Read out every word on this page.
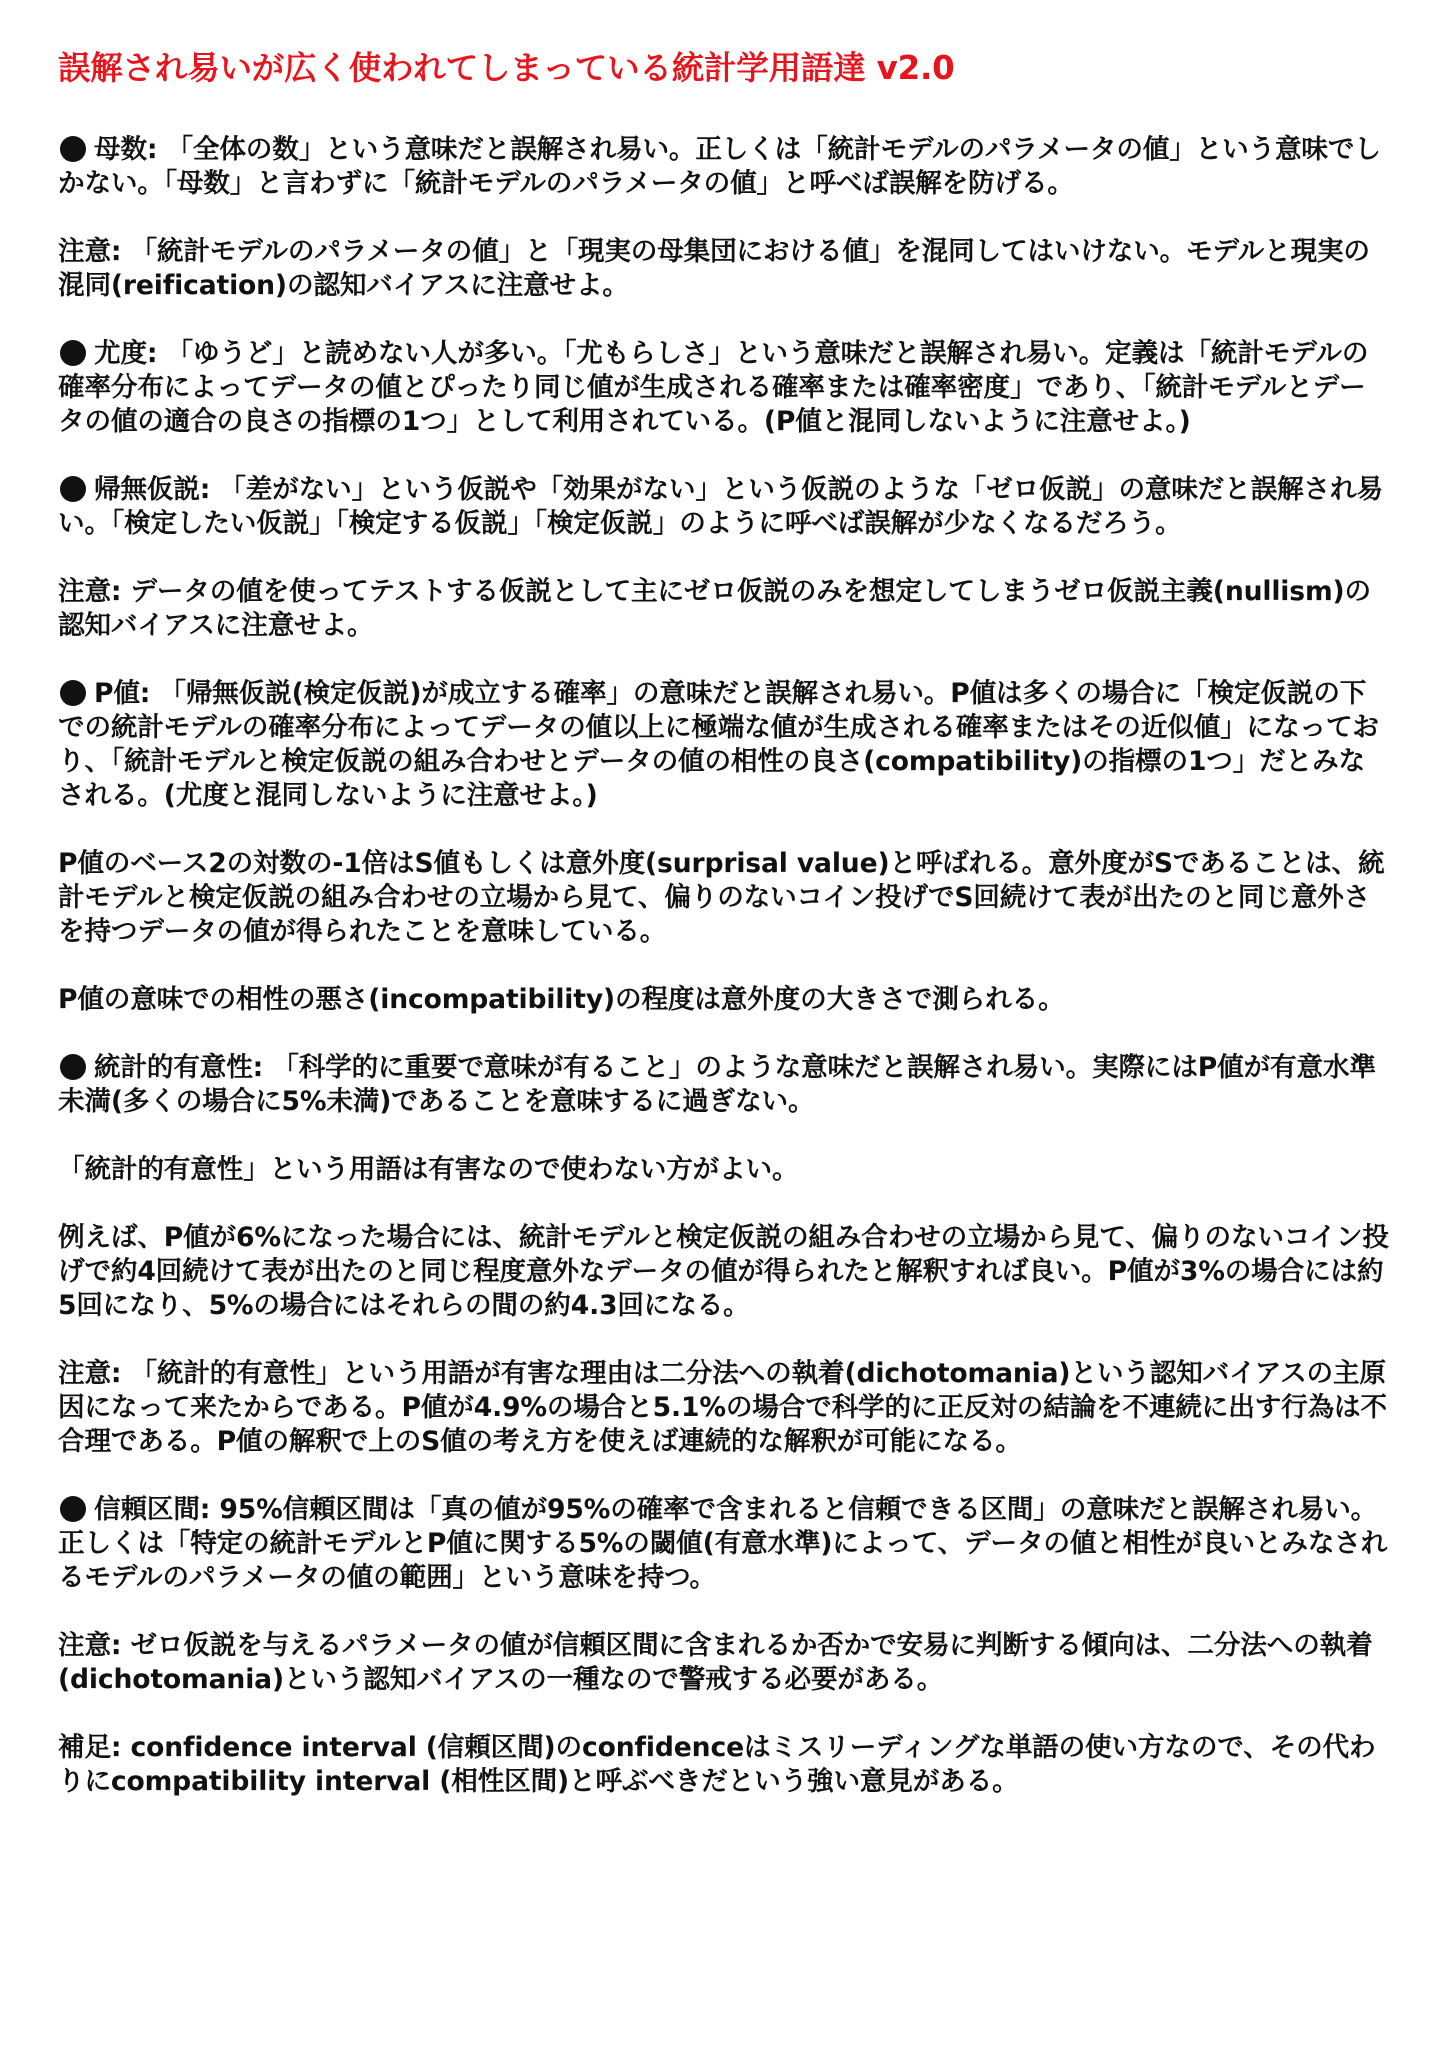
誤解され易いが広く使われてしまっている統計学用語達 v2.0

母数: 「全体の数」という意味だと誤解され易い。正しくは「統計モデルのパラメータの値」という意味でしかない。「母数」と言わずに「統計モデルのパラメータの値」と呼べば誤解を防げる。

注意: 「統計モデルのパラメータの値」と「現実の母集団における値」を混同してはいけない。モデルと現実の混同(reification)の認知バイアスに注意せよ。

尤度: 「ゆうど」と読めない人が多い。「尤もらしさ」という意味だと誤解され易い。定義は「統計モデルの確率分布によってデータの値とぴったり同じ値が生成される確率または確率密度」であり、「統計モデルとデータの値の適合の良さの指標の1つ」として利用されている。(P値と混同しないように注意せよ。)

帰無仮説: 「差がない」という仮説や「効果がない」という仮説のような「ゼロ仮説」の意味だと誤解され易い。「検定したい仮説」「検定する仮説」「検定仮説」のように呼べば誤解が少なくなるだろう。

注意: データの値を使ってテストする仮説として主にゼロ仮説のみを想定してしまうゼロ仮説主義(nullism)の認知バイアスに注意せよ。

P値: 「帰無仮説(検定仮説)が成立する確率」の意味だと誤解され易い。P値は多くの場合に「検定仮説の下での統計モデルの確率分布によってデータの値以上に極端な値が生成される確率またはその近似値」になっており、「統計モデルと検定仮説の組み合わせとデータの値の相性の良さ(compatibility)の指標の1つ」だとみなされる。(尤度と混同しないように注意せよ。)

P値のベース2の対数の-1倍はS値もしくは意外度(surprisal value)と呼ばれる。意外度がSであることは、統計モデルと検定仮説の組み合わせの立場から見て、偏りのないコイン投げでS回続けて表が出たのと同じ意外さを持つデータの値が得られたことを意味している。

P値の意味での相性の悪さ(incompatibility)の程度は意外度の大きさで測られる。

統計的有意性: 「科学的に重要で意味が有ること」のような意味だと誤解され易い。実際にはP値が有意水準未満(多くの場合に5%未満)であることを意味するに過ぎない。

「統計的有意性」という用語は有害なので使わない方がよい。

例えば、P値が6%になった場合には、統計モデルと検定仮説の組み合わせの立場から見て、偏りのないコイン投げで約4回続けて表が出たのと同じ程度意外なデータの値が得られたと解釈すれば良い。P値が3%の場合には約5回になり、5%の場合にはそれらの間の約4.3回になる。

注意: 「統計的有意性」という用語が有害な理由は二分法への執着(dichotomania)という認知バイアスの主原因になって来たからである。P値が4.9%の場合と5.1%の場合で科学的に正反対の結論を不連続に出す行為は不合理である。P値の解釈で上のS値の考え方を使えば連続的な解釈が可能になる。

信頼区間: 95%信頼区間は「真の値が95%の確率で含まれると信頼できる区間」の意味だと誤解され易い。正しくは「特定の統計モデルとP値に関する5%の閾値(有意水準)によって、データの値と相性が良いとみなされるモデルのパラメータの値の範囲」という意味を持つ。

注意: ゼロ仮説を与えるパラメータの値が信頼区間に含まれるか否かで安易に判断する傾向は、二分法への執着(dichotomania)という認知バイアスの一種なので警戒する必要がある。

補足: confidence interval (信頼区間)のconfidenceはミスリーディングな単語の使い方なので、その代わりにcompatibility interval (相性区間)と呼ぶべきだという強い意見がある。
